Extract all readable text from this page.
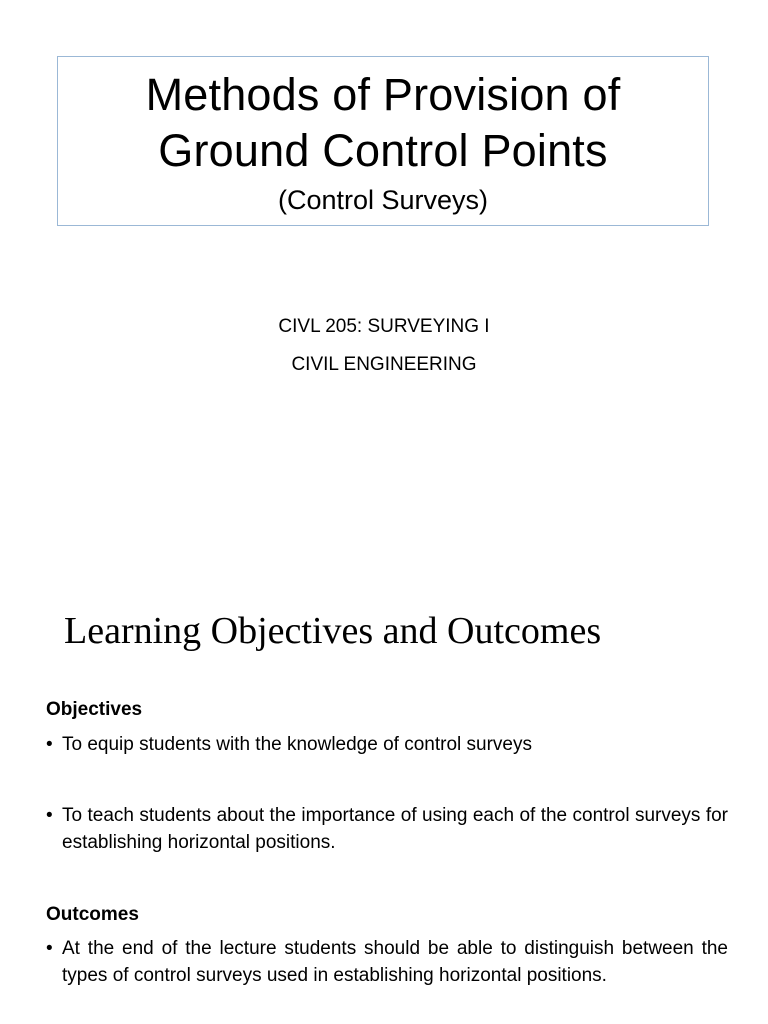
Methods of Provision of
Ground Control Points
(Control Surveys)
CIVL 205: SURVEYING I
CIVIL ENGINEERING
Learning Objectives and Outcomes
Objectives
• To equip students with the knowledge of control surveys
• To teach students about the importance of using each of the control surveys for establishing horizontal positions.
Outcomes
• At the end of the lecture students should be able to distinguish between the types of control surveys used in establishing horizontal positions.
